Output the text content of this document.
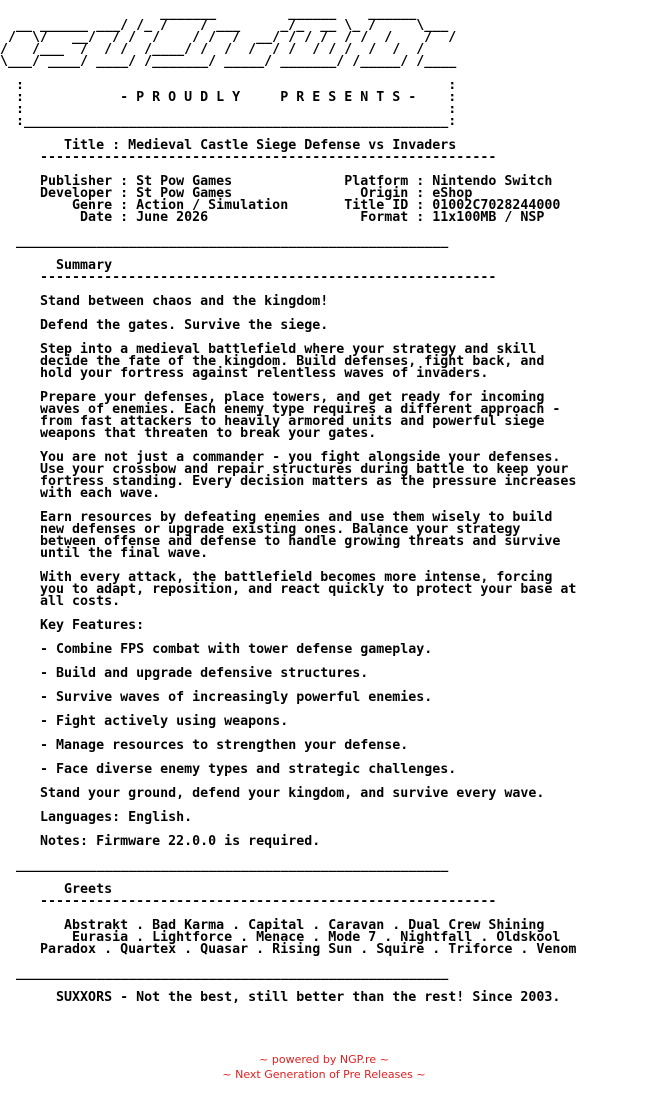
_______         ______    ______
__ ______ ___/ /_ /    / ___     _/_  __ \_ /     \___
/  \/   __/  / /  /    / /  /  __/ / / /  / /  /    /  /
/   /___  /  / /  /____/ /  /  /  / /  / / /  /  /  /
\___/ ____/ ____/ /_______/ _____/ _______/ /_____/ /____
:                                                     :
:            - P R O U D L Y     P R E S E N T S -    :
:                                                     :
:_____________________________________________________:
Title : Medieval Castle Siege Defense vs Invaders
---------------------------------------------------------
Publisher : St Pow Games              Platform : Nintendo Switch
Developer : St Pow Games                Origin : eShop
Genre : Action / Simulation       Title ID : 01002C7028244000
Date : June 2026                   Format : 11x100MB / NSP
______________________________________________________
Summary
---------------------------------------------------------
Stand between chaos and the kingdom!
Defend the gates. Survive the siege.
Step into a medieval battlefield where your strategy and skill
decide the fate of the kingdom. Build defenses, fight back, and
hold your fortress against relentless waves of invaders.
Prepare your defenses, place towers, and get ready for incoming
waves of enemies. Each enemy type requires a different approach -
from fast attackers to heavily armored units and powerful siege
weapons that threaten to break your gates.
You are not just a commander - you fight alongside your defenses.
Use your crossbow and repair structures during battle to keep your
fortress standing. Every decision matters as the pressure increases
with each wave.
Earn resources by defeating enemies and use them wisely to build
new defenses or upgrade existing ones. Balance your strategy
between offense and defense to handle growing threats and survive
until the final wave.
With every attack, the battlefield becomes more intense, forcing
you to adapt, reposition, and react quickly to protect your base at
all costs.
Key Features:
- Combine FPS combat with tower defense gameplay.
- Build and upgrade defensive structures.
- Survive waves of increasingly powerful enemies.
- Fight actively using weapons.
- Manage resources to strengthen your defense.
- Face diverse enemy types and strategic challenges.
Stand your ground, defend your kingdom, and survive every wave.
Languages: English.
Notes: Firmware 22.0.0 is required.
______________________________________________________
Greets
---------------------------------------------------------
Abstrakt . Bad Karma . Capital . Caravan . Dual Crew Shining
Eurasia . Lightforce . Menace . Mode 7 . Nightfall . Oldskool
Paradox . Quartex . Quasar . Rising Sun . Squire . Triforce . Venom
______________________________________________________
SUXXORS - Not the best, still better than the rest! Since 2003.
~ powered by NGP.re ~
~ Next Generation of Pre Releases ~
